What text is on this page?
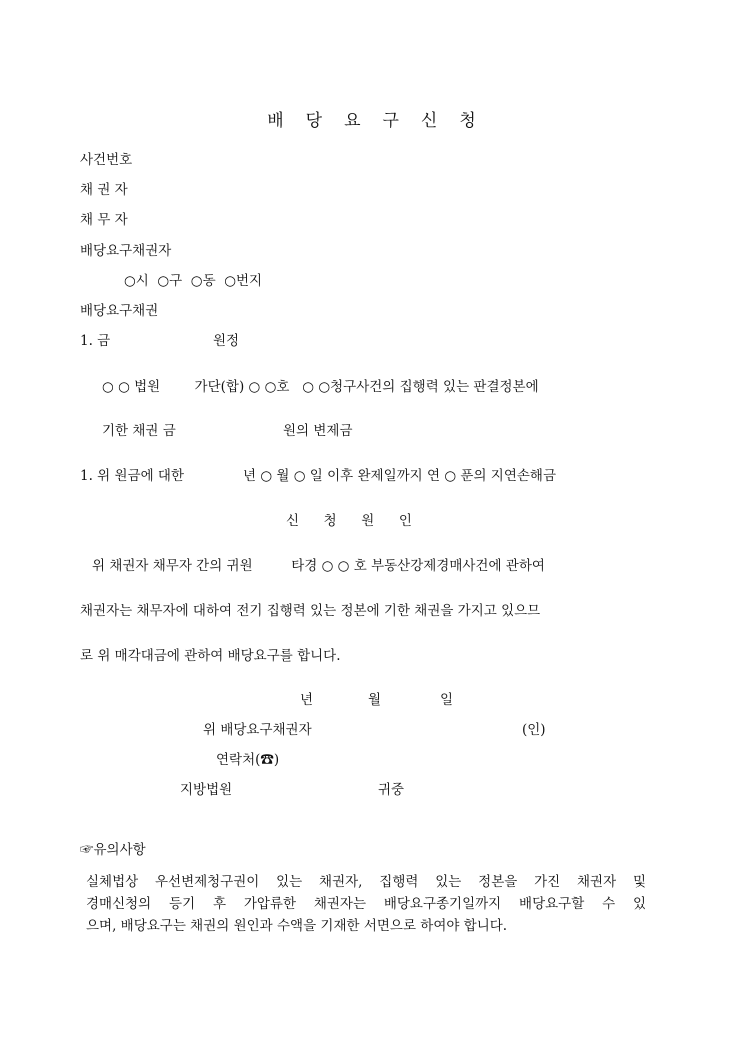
배당요구신청
사건번호
채 권 자
채 무 자
배당요구채권자
○시  ○구  ○동  ○번지
배당요구채권
1. 금	원정
○ ○ 법원        가단(합) ○ ○호   ○ ○청구사건의 집행력 있는 판결정본에
기한 채권 금	원의 변제금
1. 위 원금에 대한	년 ○ 월 ○ 일 이후 완제일까지 연 ○ 푼의 지연손해금
신  청  원  인
위 채권자 채무자 간의 귀원         타경 ○ ○ 호 부동산강제경매사건에 관하여
채권자는 채무자에 대하여 전기 집행력 있는 정본에 기한 채권을 가지고 있으므
로 위 매각대금에 관하여 배당요구를 합니다.
년	월	일
위 배당요구채권자	(인)
연락처(☎)
지방법원	귀중
☞유의사항
실체법상 우선변제청구권이 있는 채권자, 집행력 있는 정본을 가진 채권자 및
경매신청의 등기 후 가압류한 채권자는 배당요구종기일까지 배당요구할 수 있
으며, 배당요구는 채권의 원인과 수액을 기재한 서면으로 하여야 합니다.
